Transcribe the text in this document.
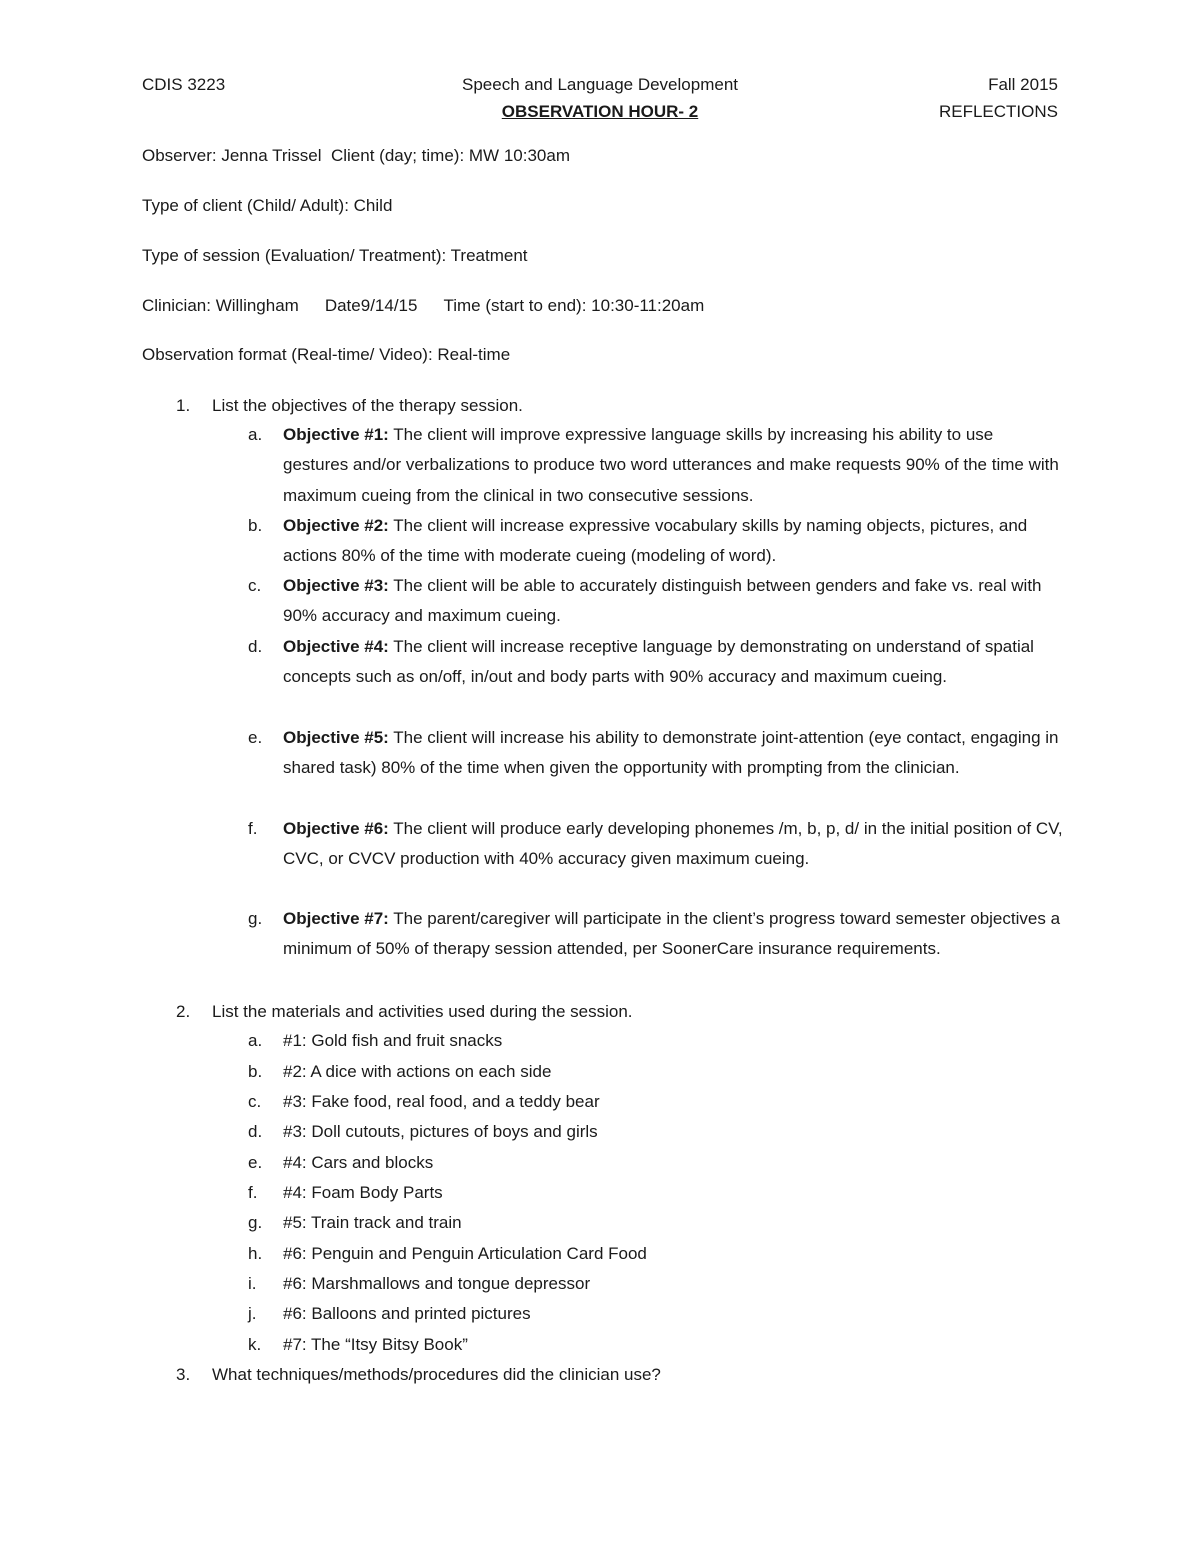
CDIS 3223	Speech and Language Development	Fall 2015
OBSERVATION HOUR- 2	REFLECTIONS
Observer: Jenna Trissel Client (day; time): MW 10:30am
Type of client (Child/ Adult): Child
Type of session (Evaluation/ Treatment): Treatment
Clinician: Willingham Date9/14/15 Time (start to end): 10:30-11:20am
Observation format (Real-time/ Video): Real-time
1. List the objectives of the therapy session.
a. Objective #1: The client will improve expressive language skills by increasing his ability to use gestures and/or verbalizations to produce two word utterances and make requests 90% of the time with maximum cueing from the clinical in two consecutive sessions.
b. Objective #2: The client will increase expressive vocabulary skills by naming objects, pictures, and actions 80% of the time with moderate cueing (modeling of word).
c. Objective #3: The client will be able to accurately distinguish between genders and fake vs. real with 90% accuracy and maximum cueing.
d. Objective #4: The client will increase receptive language by demonstrating on understand of spatial concepts such as on/off, in/out and body parts with 90% accuracy and maximum cueing.
e. Objective #5: The client will increase his ability to demonstrate joint-attention (eye contact, engaging in shared task) 80% of the time when given the opportunity with prompting from the clinician.
f. Objective #6: The client will produce early developing phonemes /m, b, p, d/ in the initial position of CV, CVC, or CVCV production with 40% accuracy given maximum cueing.
g. Objective #7: The parent/caregiver will participate in the client’s progress toward semester objectives a minimum of 50% of therapy session attended, per SoonerCare insurance requirements.
2. List the materials and activities used during the session.
a. #1: Gold fish and fruit snacks
b. #2: A dice with actions on each side
c. #3: Fake food, real food, and a teddy bear
d. #3: Doll cutouts, pictures of boys and girls
e. #4: Cars and blocks
f. #4: Foam Body Parts
g. #5: Train track and train
h. #6: Penguin and Penguin Articulation Card Food
i. #6: Marshmallows and tongue depressor
j. #6: Balloons and printed pictures
k. #7: The “Itsy Bitsy Book”
3. What techniques/methods/procedures did the clinician use?
